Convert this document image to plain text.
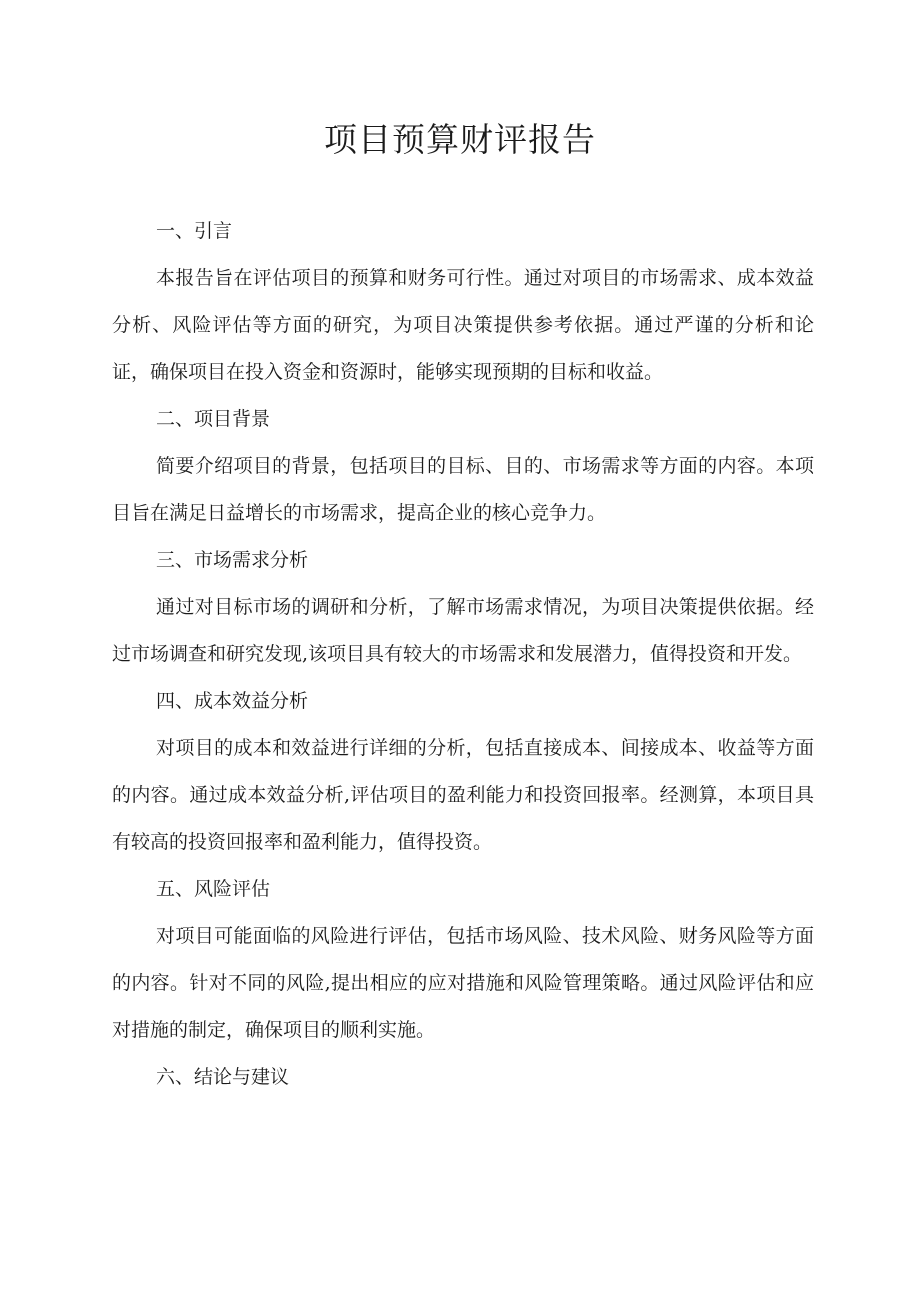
项目预算财评报告
一、引言

本报告旨在评估项目的预算和财务可行性。通过对项目的市场需求、成本效益分析、风险评估等方面的研究，为项目决策提供参考依据。通过严谨的分析和论证，确保项目在投入资金和资源时，能够实现预期的目标和收益。

二、项目背景

简要介绍项目的背景，包括项目的目标、目的、市场需求等方面的内容。本项目旨在满足日益增长的市场需求，提高企业的核心竞争力。

三、市场需求分析

通过对目标市场的调研和分析，了解市场需求情况，为项目决策提供依据。经过市场调查和研究发现,该项目具有较大的市场需求和发展潜力，值得投资和开发。

四、成本效益分析

对项目的成本和效益进行详细的分析，包括直接成本、间接成本、收益等方面的内容。通过成本效益分析,评估项目的盈利能力和投资回报率。经测算，本项目具有较高的投资回报率和盈利能力，值得投资。

五、风险评估

对项目可能面临的风险进行评估，包括市场风险、技术风险、财务风险等方面的内容。针对不同的风险,提出相应的应对措施和风险管理策略。通过风险评估和应对措施的制定，确保项目的顺利实施。

六、结论与建议
